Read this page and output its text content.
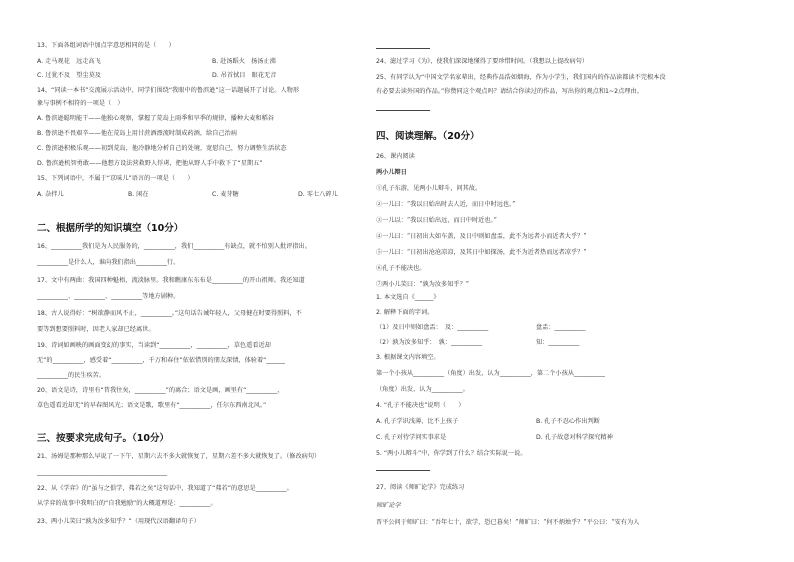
13、下面各组词语中加点字意思相同的是（　　）
A. 走马观花　远走高飞	B. 赴汤蹈火　扬汤止沸
C. 过犹不及　望尘莫及	D. 吊首拭目　眼花无音
14、“同读一本书”交流展示活动中，同学们围绕“我眼中的鲁滨逊”这一话题展开了讨论。人物形
象与事例不相符的一项是（　）
A. 鲁滨逊聪明能干——他独心观察，掌握了荒岛上雨季和旱季的规律，播种大麦和稻谷
B. 鲁滨逊不畏艰辛——他在荒岛上用甘蔗酒漂流时制成药酒，给自己治病
C. 鲁滨逊积极乐观——初到荒岛，他冷静地分析自己的处境，宽慰自己，努力调整生活状态
D. 鲁滨逊机智勇敢——他想方设法营救野人俘虏，把他从野人手中救下了“星期五”
15、下列词语中，不属于“京味儿”语言的一项是（　　）
A. 杂拌儿	B. 闲在	C. 麦芽糖	D. 零七八碎儿
二、根据所学的知识填空（10分）
16、__________我们是为人民服务的，__________，我们__________有缺点，就不怕别人批评指出。
__________是什么人，谁向我们指出__________行。
17、文中有两曲：我国四种魁梧，流淡脉里。我和瞧康东东布是__________的开山祖师。我还知道
__________、__________、__________等地方剧种。
18、古人说得好：“树欲静而风不止，__________。”这句话告诫年轻人，父母健在时要得照料，不
要等到想要照料时，因老人家却已经离世。
19、诗词如画映的画面变幻的事实，当读到“__________，__________，草色遥看近却
无”的__________，感受着“__________，千万和春住”依依惜别的朋友深情，体验着“______
__________的民生疾苦。
20、语文是诗，诗里有“昔我往矣，__________”的离合；语文是画，画里有“__________，
草色遥看近却无”的早春图风光；语文是歌，歌里有“__________，任尔东西南北风。”
三、按要求完成句子。（10分）
21、汤姆是那种那么早说了一下午，星期六去不多大就恢复了，星期六差不多大就恢复了。（修改病句）
__________________________________________
22、从《学弈》的“虽与之俱学，弗若之矣”这句话中，我知道了“弗若”的意思是__________。
从学弈的故事中我明白的“自我勉励”的大概道理是：__________。
23、两小儿笑曰“孰为汝多知乎？”（用现代汉语翻译句子）
24、滤过学习《为》，使我们深深地懂得了要珍惜时间。（我想以上提改病句）
25、有同学认为“中国文学名家辈出，经典作品浩如烟海，作为小学生，我们国内的作品读都读不完根本没
有必要去读外国的作品。”你赞同这个观点吗？请结合你读过的作品，写出你的观点和1~2点理由。
四、阅读理解。（20分）
26、课内阅读
两小儿辩日
①孔子东游，见两小儿辩斗，问其故。
②一儿曰：“我以日始出时去人近，而日中时远也。”
③一儿以：“我以日始出远，而日中时近也。”
④一儿曰：“日初出大如车盖，及日中则如盘盂，此不为远者小而近者大乎？”
⑤一儿曰：“日初出沧沧凉凉，及其日中如探汤，此不为近者热而远者凉乎？”
⑥孔子不能决也。
⑦两小儿笑曰：“孰为汝多知乎？”
1. 本文选自《______》
2. 解释下面的字词。
（1）及日中则如盘盂：　及：__________	盘盂：__________
（2）孰为汝多知乎：　孰：__________	知：__________
3. 根据课文内容填空。
第一个小孩从__________（角度）出发，认为__________，第二个小孩从__________
（角度）出发，认为__________。
4. “孔子不能决也”说明（　　）
A. 孔子学识浅薄，比不上孩子	B. 孔子不忍心作出判断
C. 孔子对待学问实事求是	D. 孔子故意对科学探究精神
5. “两小儿辩斗”中，你学到了什么？结合实际说一说。
27、阅读《师旷论学》完成练习
师旷论学
晋平公问于师旷曰：“吾年七十，欲学，恐已暮矣！”师旷曰：“何不炳烛乎？”平公曰：“安有为人
